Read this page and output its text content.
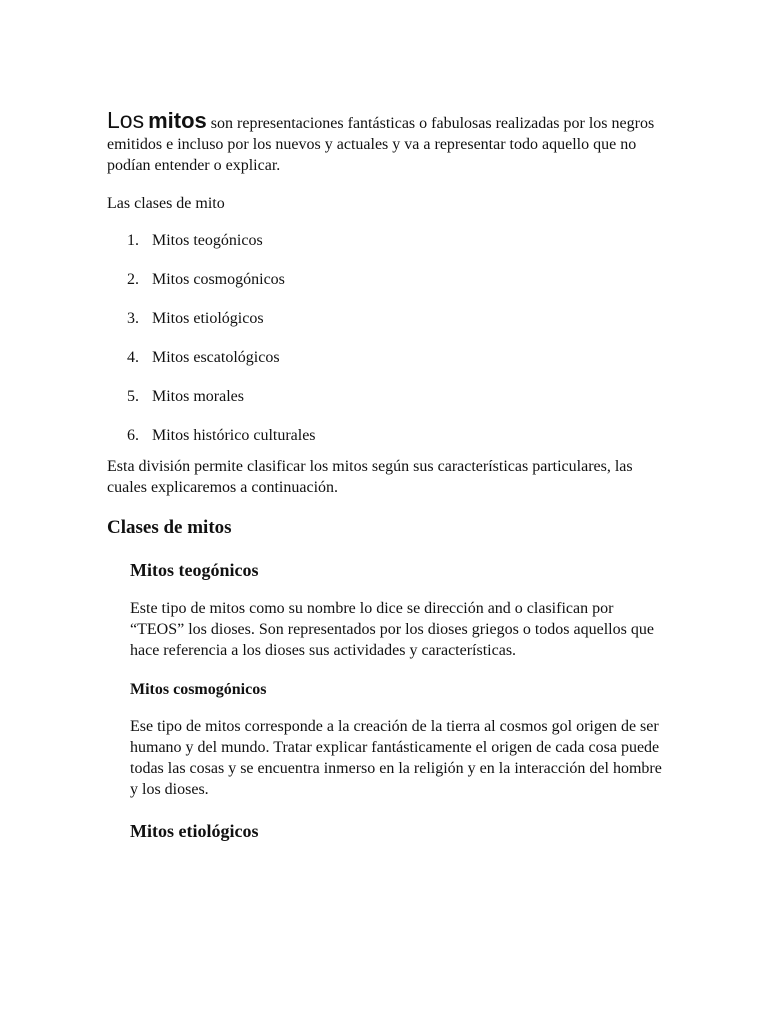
Los mitos son representaciones fantásticas o fabulosas realizadas por los negros emitidos e incluso por los nuevos y actuales y va a representar todo aquello que no podían entender o explicar.

Las clases de mito

1. Mitos teogónicos
2. Mitos cosmogónicos
3. Mitos etiológicos
4. Mitos escatológicos
5. Mitos morales
6. Mitos histórico culturales

Esta división permite clasificar los mitos según sus características particulares, las cuales explicaremos a continuación.

Clases de mitos
Mitos teogónicos

Este tipo de mitos como su nombre lo dice se dirección and o clasifican por “TEOS” los dioses. Son representados por los dioses griegos o todos aquellos que hace referencia a los dioses sus actividades y características.

Mitos cosmogónicos

Ese tipo de mitos corresponde a la creación de la tierra al cosmos gol origen de ser humano y del mundo. Tratar explicar fantásticamente el origen de cada cosa puede todas las cosas y se encuentra inmerso en la religión y en la interacción del hombre y los dioses.

Mitos etiológicos
